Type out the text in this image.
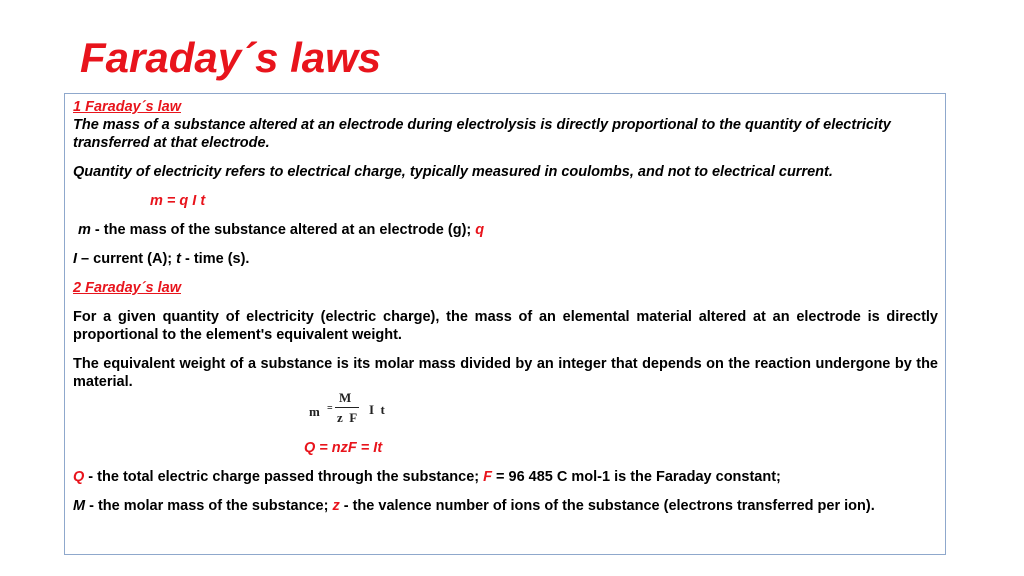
Faraday´s laws

1 Faraday´s law

The mass of a substance altered at an electrode during electrolysis is directly proportional to the quantity of electricity transferred at that electrode.

Quantity of electricity refers to electrical charge, typically measured in coulombs, and not to electrical current.

m = q I t

m - the mass of the substance altered at an electrode (g); q

I – current (A); t - time (s).

2 Faraday´s law

For a given quantity of electricity (electric charge), the mass of an elemental material altered at an electrode is directly proportional to the element's equivalent weight.

The equivalent weight of a substance is its molar mass divided by an integer that depends on the reaction undergone by the material.

m =
M
z  F
I  t

Q = nzF = It

Q - the total electric charge passed through the substance; F = 96 485 C mol-1 is the Faraday constant;

M - the molar mass of the substance; z - the valence number of ions of the substance (electrons transferred per ion).
